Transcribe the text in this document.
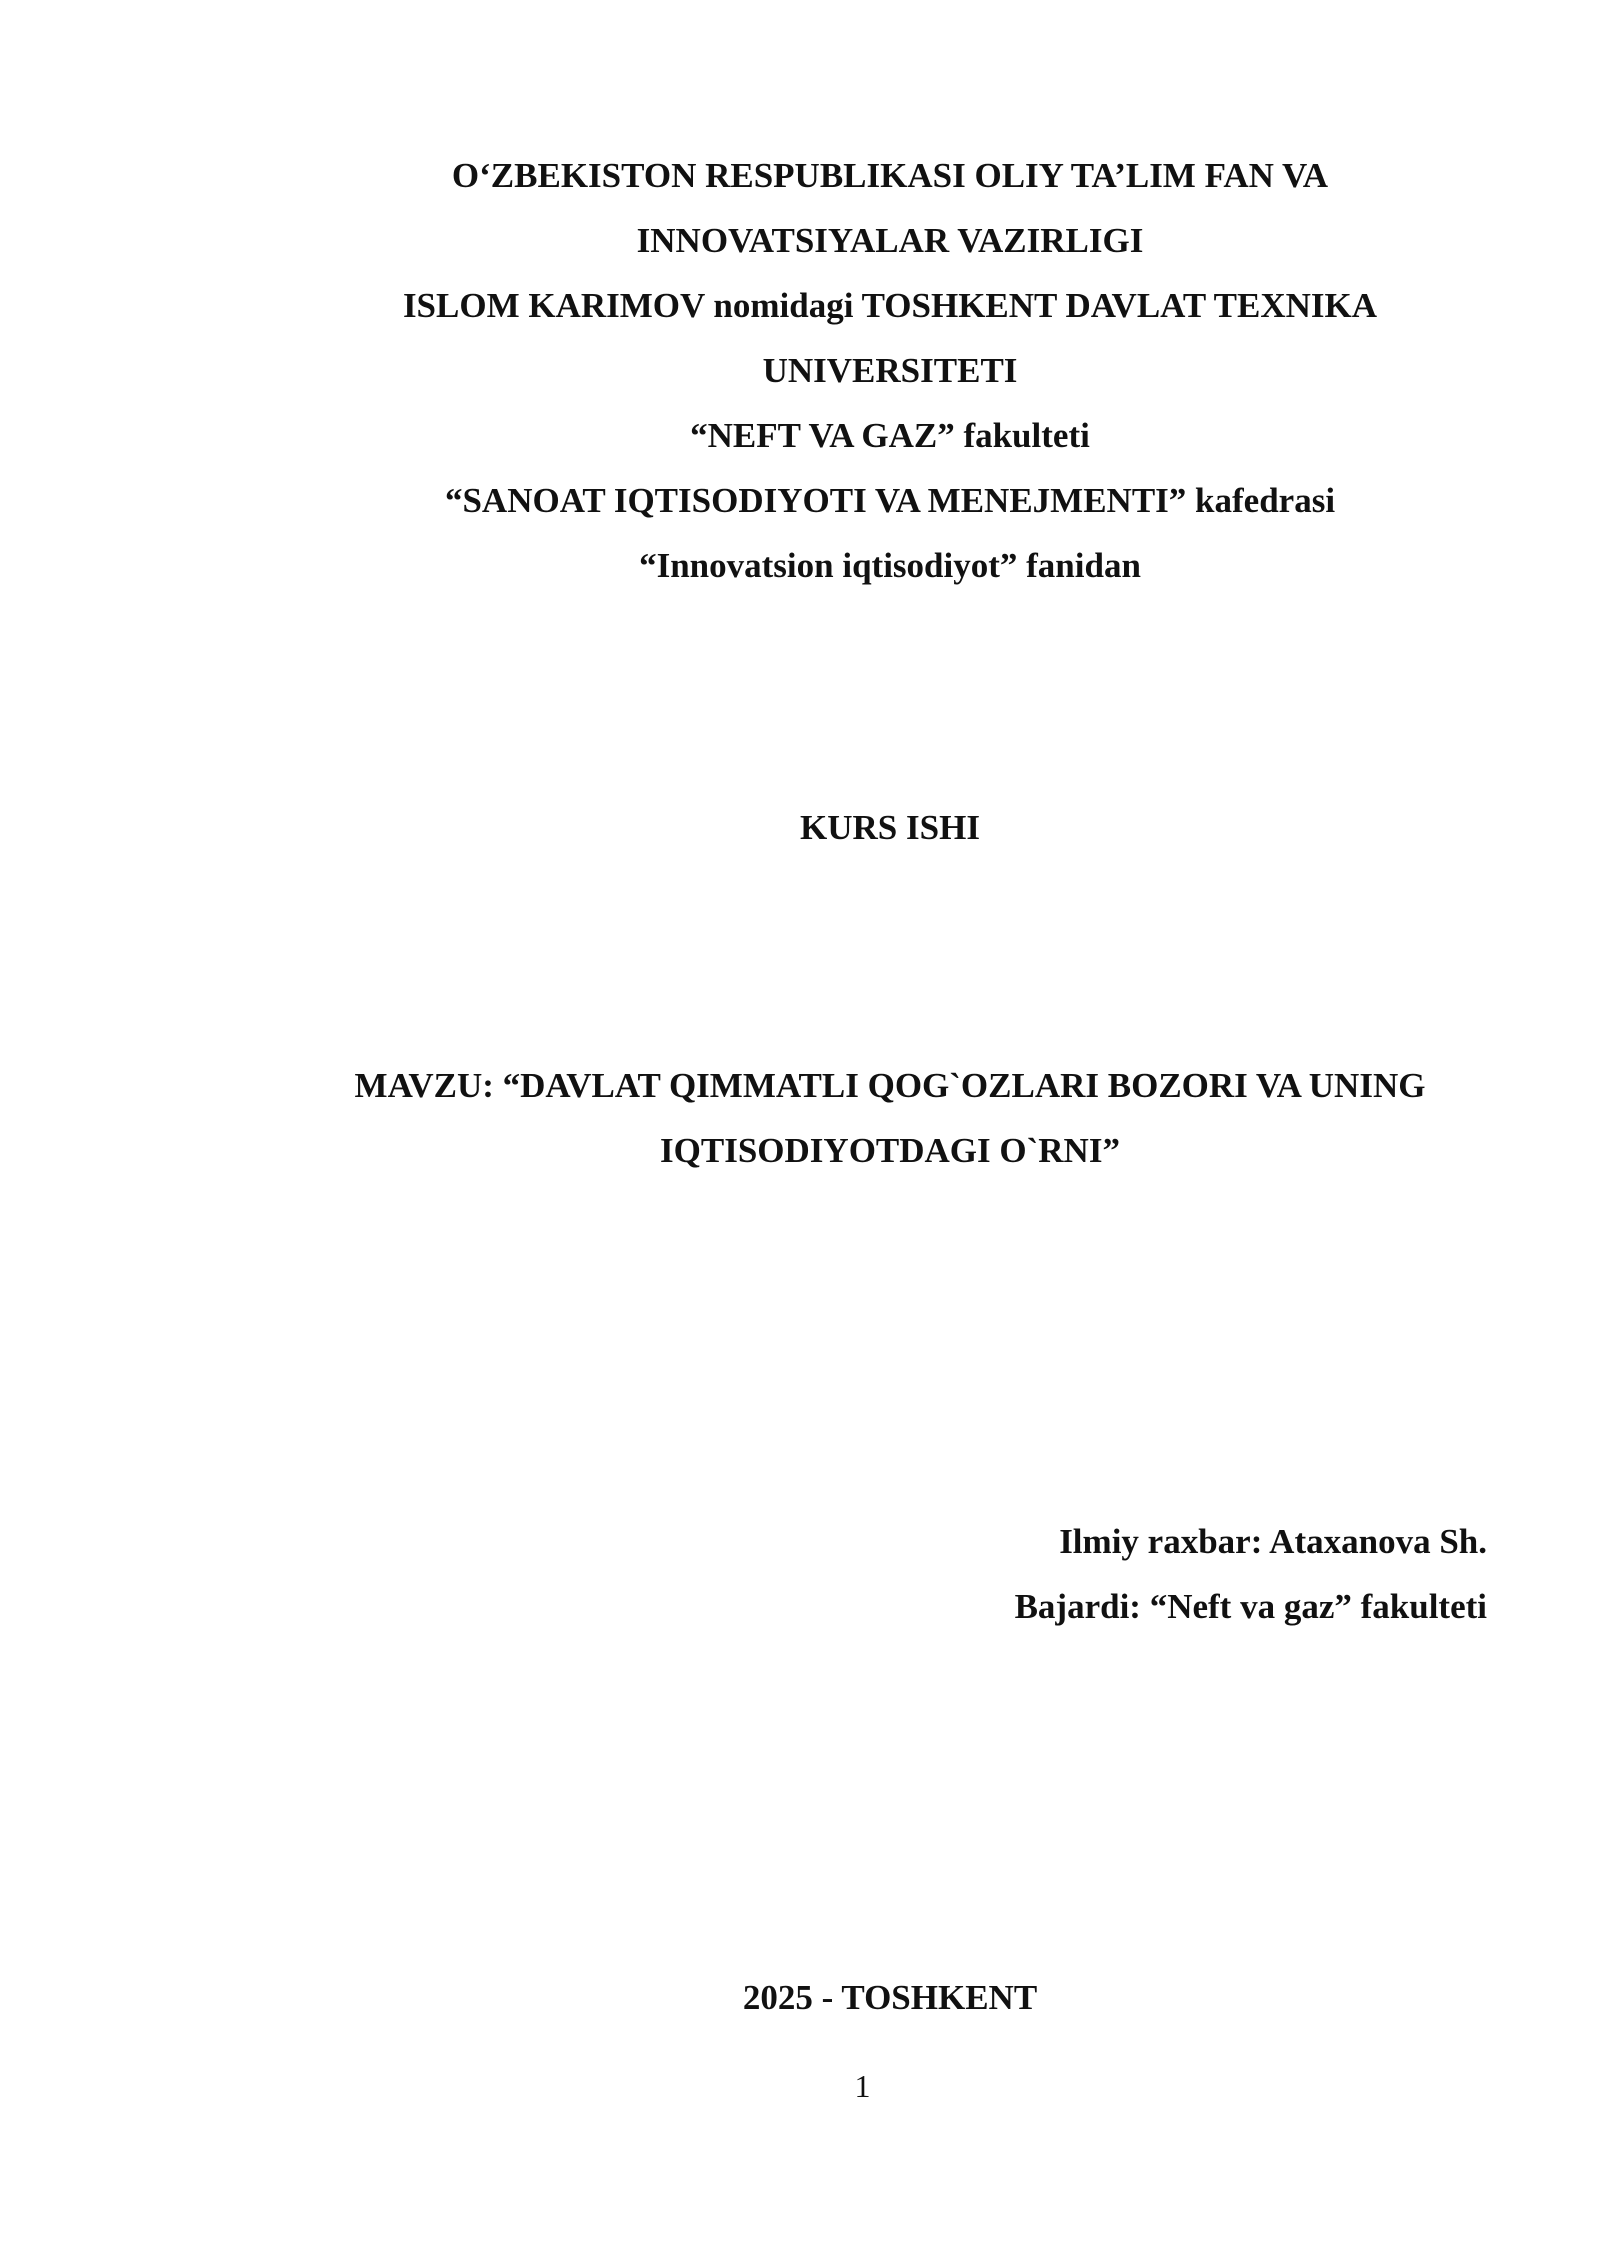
O‘ZBEKISTON RESPUBLIKASI OLIY TA’LIM FAN VA
INNOVATSIYALAR VAZIRLIGI
ISLOM KARIMOV nomidagi TOSHKENT DAVLAT TEXNIKA
UNIVERSITETI
“NEFT VA GAZ” fakulteti
“SANOAT IQTISODIYOTI VA MENEJMENTI” kafedrasi
“Innovatsion iqtisodiyot” fanidan
KURS ISHI
MAVZU: “DAVLAT QIMMATLI QOG`OZLARI BOZORI VA UNING
IQTISODIYOTDAGI O`RNI”
Ilmiy raxbar: Ataxanova Sh.
Bajardi: “Neft va gaz” fakulteti
2025 - TOSHKENT
1
